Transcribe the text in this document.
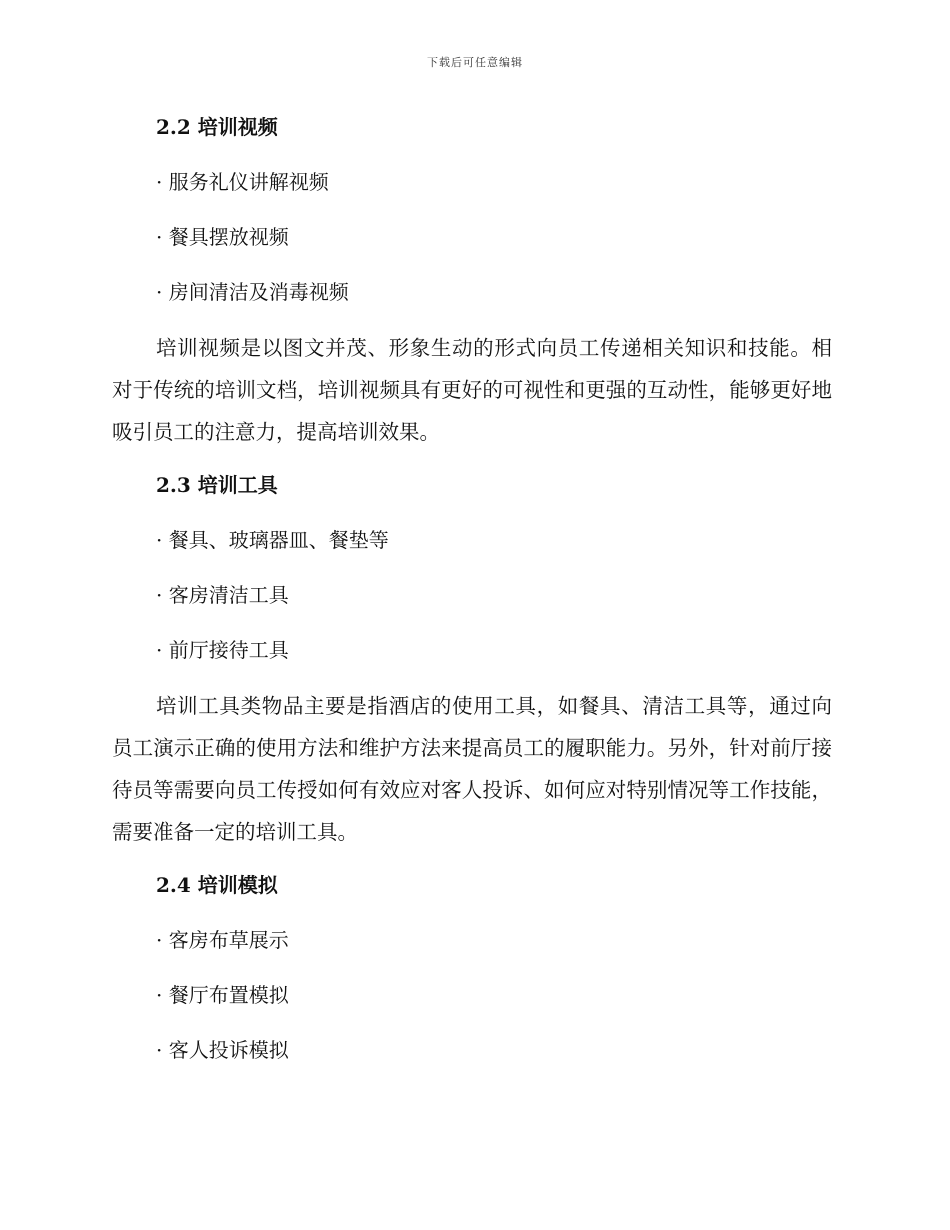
下载后可任意编辑
2.2 培训视频
· 服务礼仪讲解视频
· 餐具摆放视频
· 房间清洁及消毒视频
培训视频是以图文并茂、形象生动的形式向员工传递相关知识和技能。相对于传统的培训文档，培训视频具有更好的可视性和更强的互动性，能够更好地吸引员工的注意力，提高培训效果。
2.3 培训工具
· 餐具、玻璃器皿、餐垫等
· 客房清洁工具
· 前厅接待工具
培训工具类物品主要是指酒店的使用工具，如餐具、清洁工具等，通过向员工演示正确的使用方法和维护方法来提高员工的履职能力。另外，针对前厅接待员等需要向员工传授如何有效应对客人投诉、如何应对特别情况等工作技能，需要准备一定的培训工具。
2.4 培训模拟
· 客房布草展示
· 餐厅布置模拟
· 客人投诉模拟
